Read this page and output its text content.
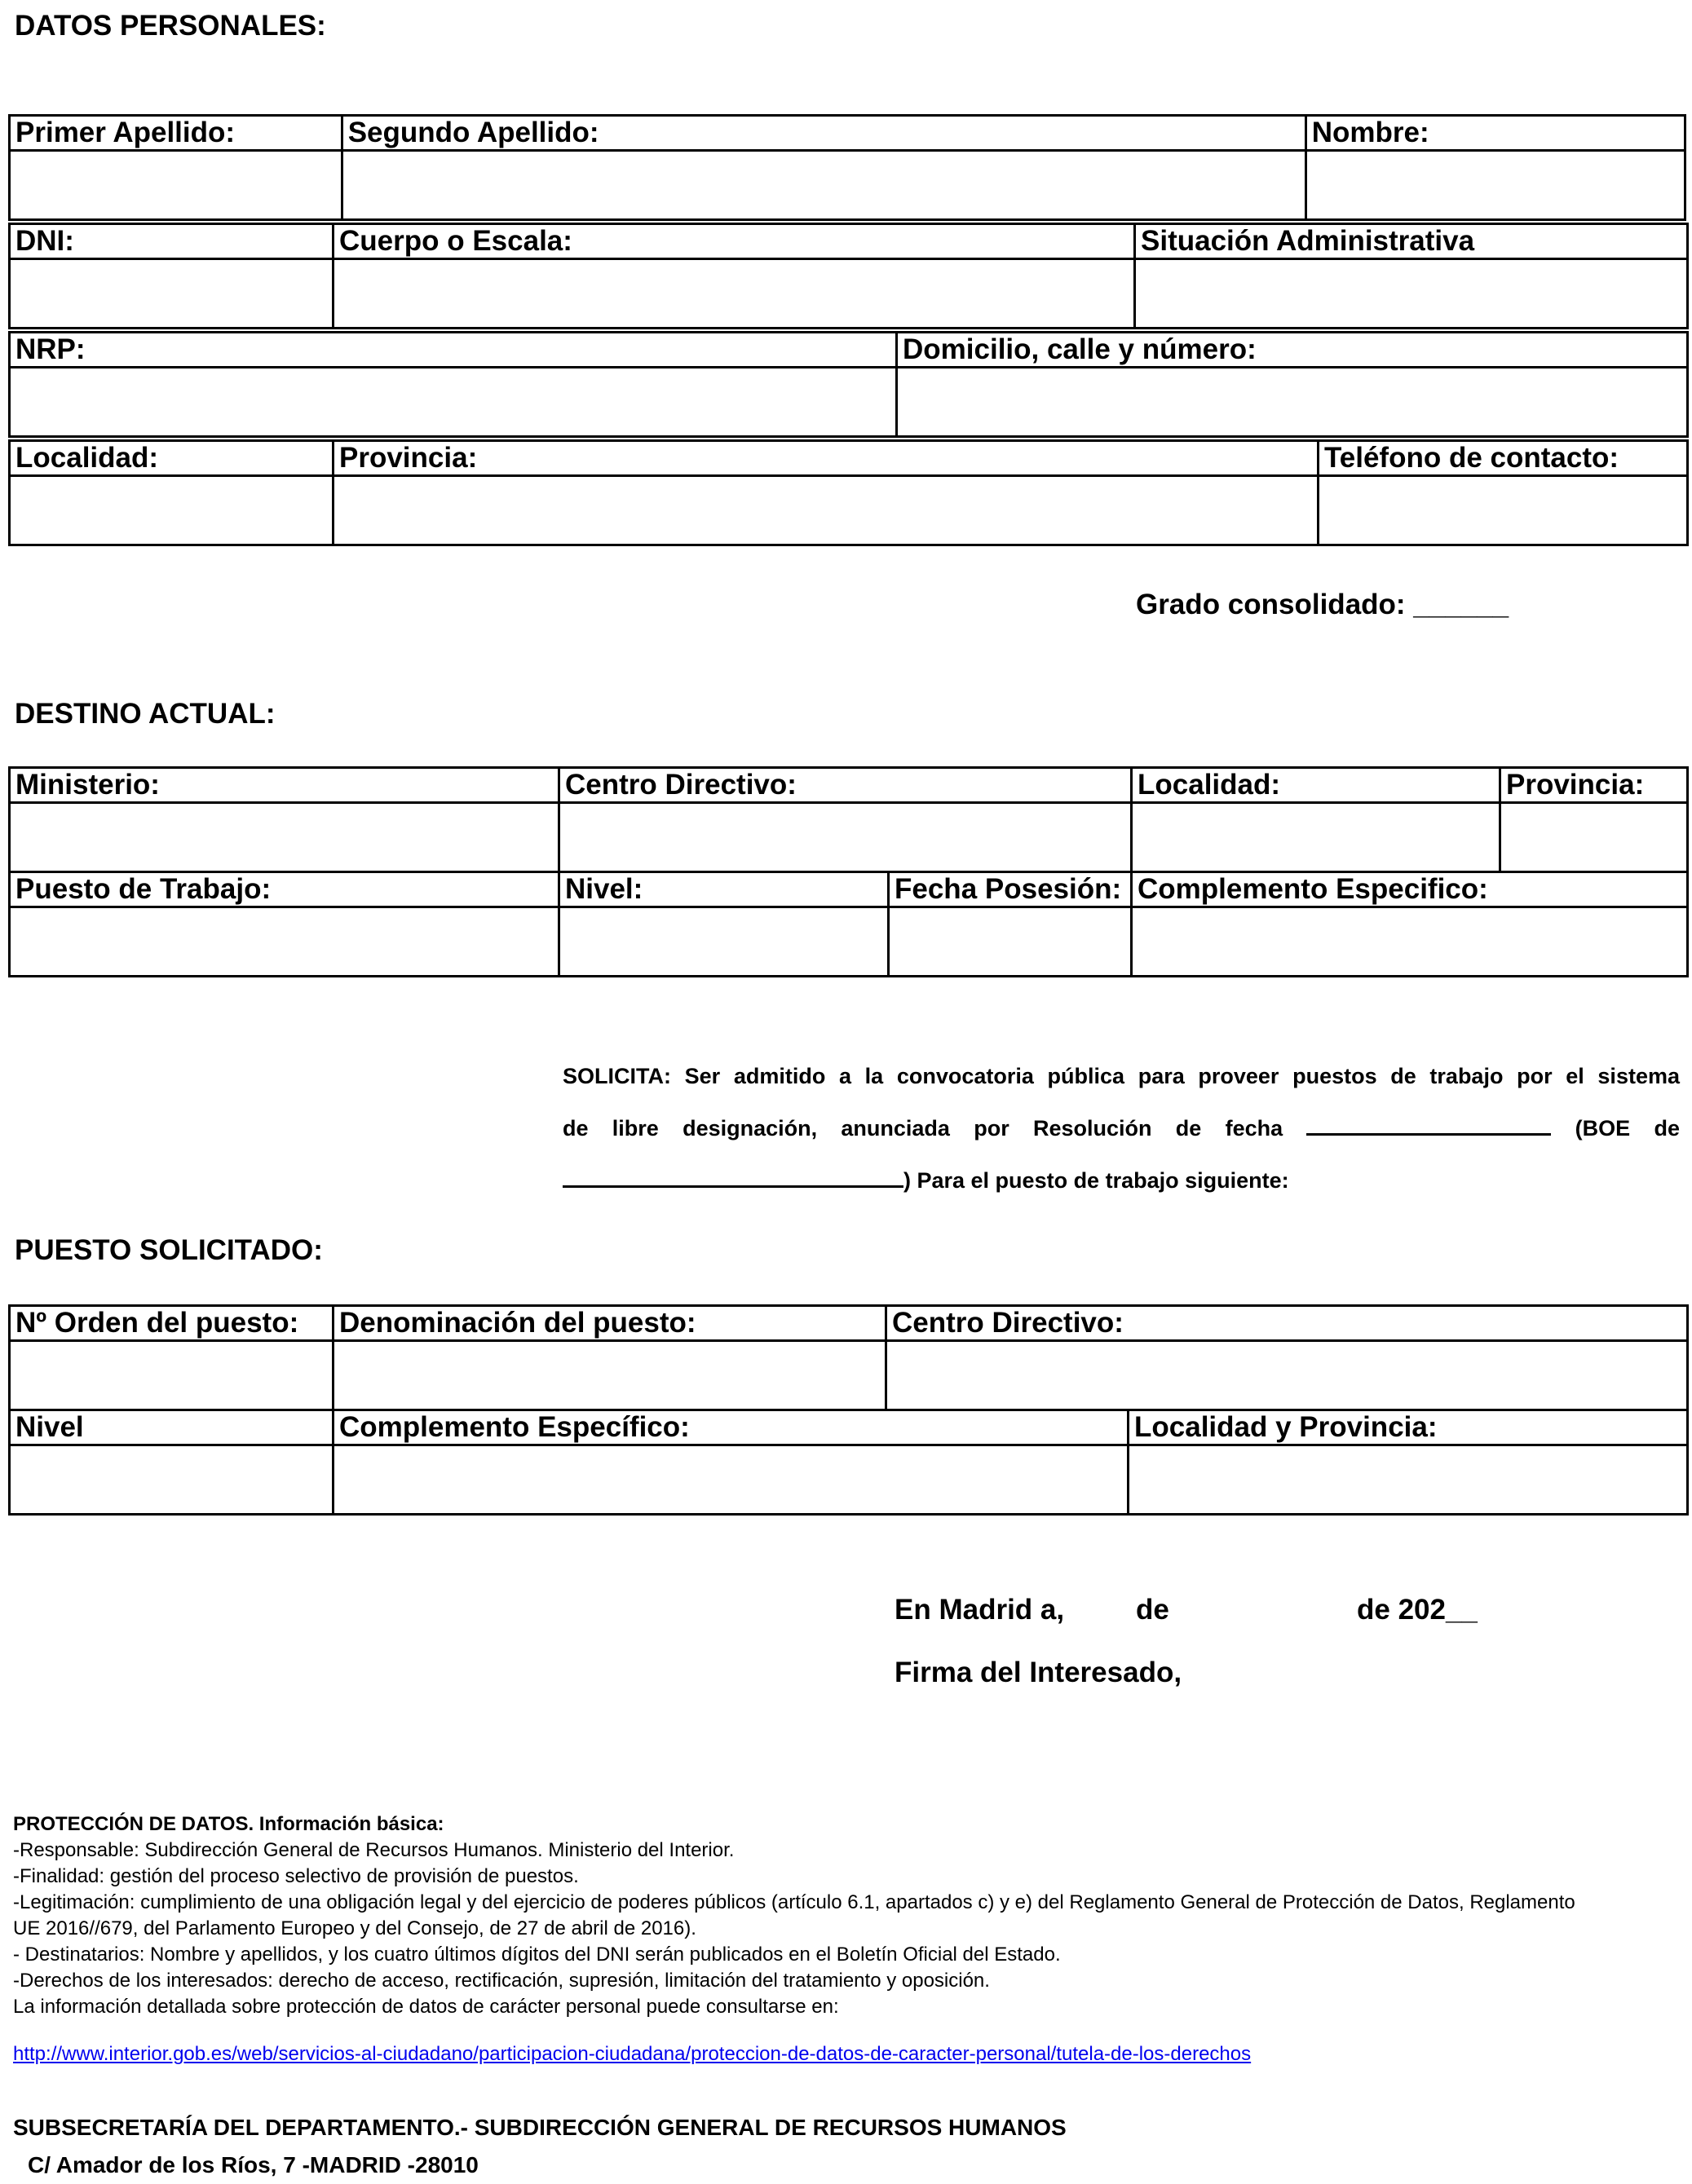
DATOS PERSONALES:
Primer Apellido:	Segundo Apellido:	Nombre:

DNI:	Cuerpo o Escala:	Situación Administrativa

NRP:	Domicilio, calle y número:

Localidad:	Provincia:	Teléfono de contacto:

Grado consolidado: ______
DESTINO ACTUAL:
Ministerio:	Centro Directivo:		Localidad:	Provincia:

Puesto de Trabajo:	Nivel:	Fecha Posesión:	Complemento Especifico:	

SOLICITA: Ser admitido a la convocatoria pública para proveer puestos de trabajo por el sistema
de libre designación, anunciada por Resolución de fecha	(BOE de
) Para el puesto de trabajo siguiente:
PUESTO SOLICITADO:
Nº Orden del puesto:	Denominación del puesto:	Centro Directivo:	

Nivel	Complemento Específico:		Localidad y Provincia:

En Madrid a,	de	de 202__
Firma del Interesado,
PROTECCIÓN DE DATOS. Información básica:
-Responsable: Subdirección General de Recursos Humanos. Ministerio del Interior.
-Finalidad: gestión del proceso selectivo de provisión de puestos.
-Legitimación: cumplimiento de una obligación legal y del ejercicio de poderes públicos (artículo 6.1, apartados c) y e) del Reglamento General de Protección de Datos, Reglamento
UE 2016//679, del Parlamento Europeo y del Consejo, de 27 de abril de 2016).
- Destinatarios: Nombre y apellidos, y los cuatro últimos dígitos del DNI serán publicados en el Boletín Oficial del Estado.
-Derechos de los interesados: derecho de acceso, rectificación, supresión, limitación del tratamiento y oposición.
La información detallada sobre protección de datos de carácter personal puede consultarse en:
http://www.interior.gob.es/web/servicios-al-ciudadano/participacion-ciudadana/proteccion-de-datos-de-caracter-personal/tutela-de-los-derechos
SUBSECRETARÍA DEL DEPARTAMENTO.- SUBDIRECCIÓN GENERAL DE RECURSOS HUMANOS
C/ Amador de los Ríos, 7 -MADRID -28010
